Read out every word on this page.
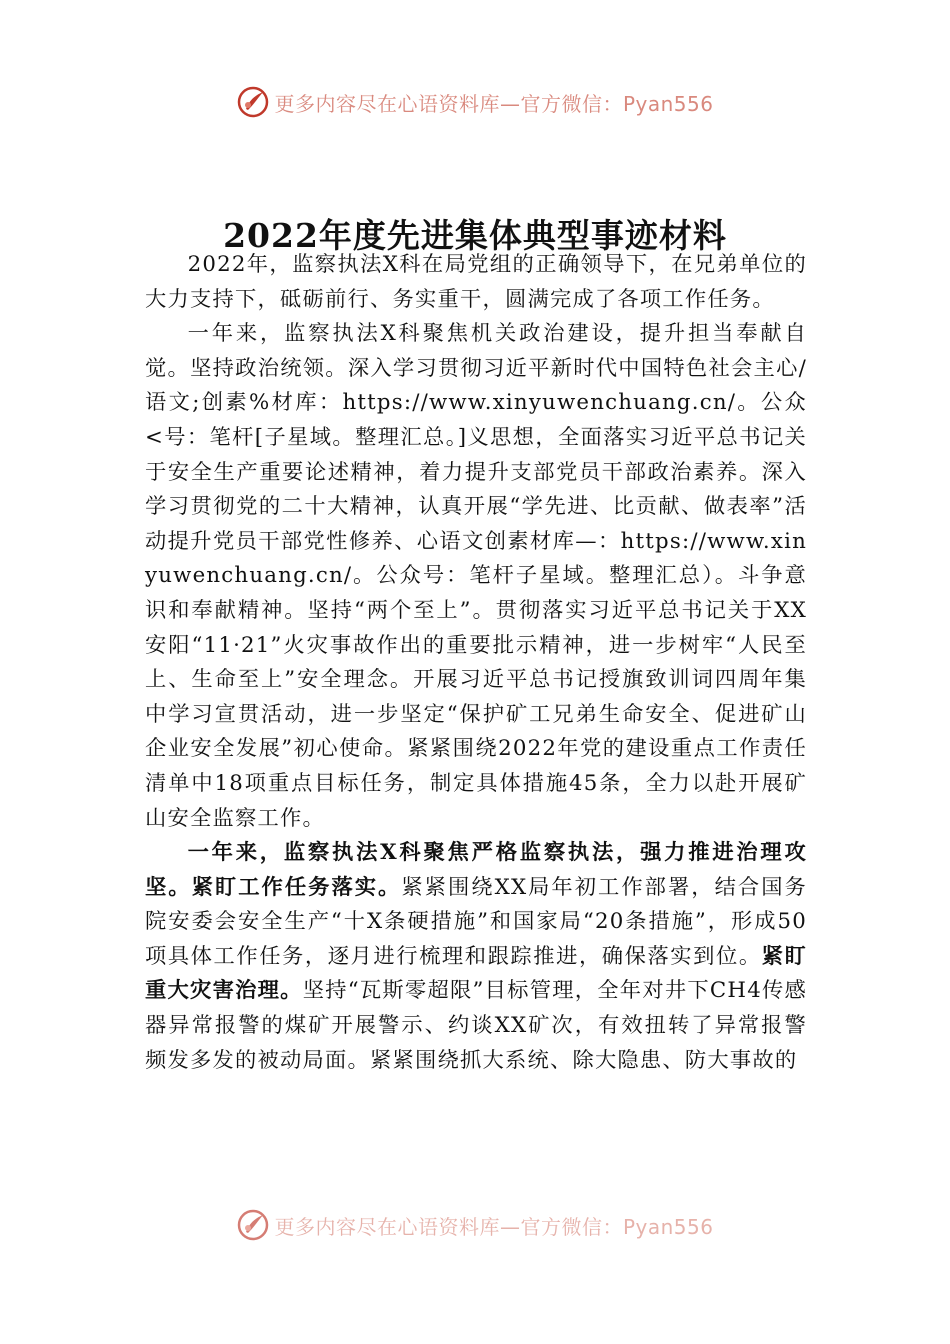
更多内容尽在心语资料库—官方微信：Pyan556
2022年度先进集体典型事迹材料

2022年，监察执法X科在局党组的正确领导下，在兄弟单位的大力支持下，砥砺前行、务实重干，圆满完成了各项工作任务。

一年来，监察执法X科聚焦机关政治建设，提升担当奉献自觉。坚持政治统领。深入学习贯彻习近平新时代中国特色社会主心/语文;创素%材库：https://www.xinyuwenchuang.cn/。公众<号：笔杆[子星域。整理汇总。]义思想，全面落实习近平总书记关于安全生产重要论述精神，着力提升支部党员干部政治素养。深入学习贯彻党的二十大精神，认真开展“学先进、比贡献、做表率”活动提升党员干部党性修养、心语文创素材库—：https://www.xinyuwenchuang.cn/。公众号：笔杆子星域。整理汇总）。斗争意识和奉献精神。坚持“两个至上”。贯彻落实习近平总书记关于XX安阳“11·21”火灾事故作出的重要批示精神，进一步树牢“人民至上、生命至上”安全理念。开展习近平总书记授旗致训词四周年集中学习宣贯活动，进一步坚定“保护矿工兄弟生命安全、促进矿山企业安全发展”初心使命。紧紧围绕2022年党的建设重点工作责任清单中18项重点目标任务，制定具体措施45条，全力以赴开展矿山安全监察工作。

一年来，监察执法X科聚焦严格监察执法，强力推进治理攻坚。紧盯工作任务落实。紧紧围绕XX局年初工作部署，结合国务院安委会安全生产“十X条硬措施”和国家局“20条措施”，形成50项具体工作任务，逐月进行梳理和跟踪推进，确保落实到位。紧盯重大灾害治理。坚持“瓦斯零超限”目标管理，全年对井下CH4传感器异常报警的煤矿开展警示、约谈XX矿次，有效扭转了异常报警频发多发的被动局面。紧紧围绕抓大系统、除大隐患、防大事故的

更多内容尽在心语资料库—官方微信：Pyan556
